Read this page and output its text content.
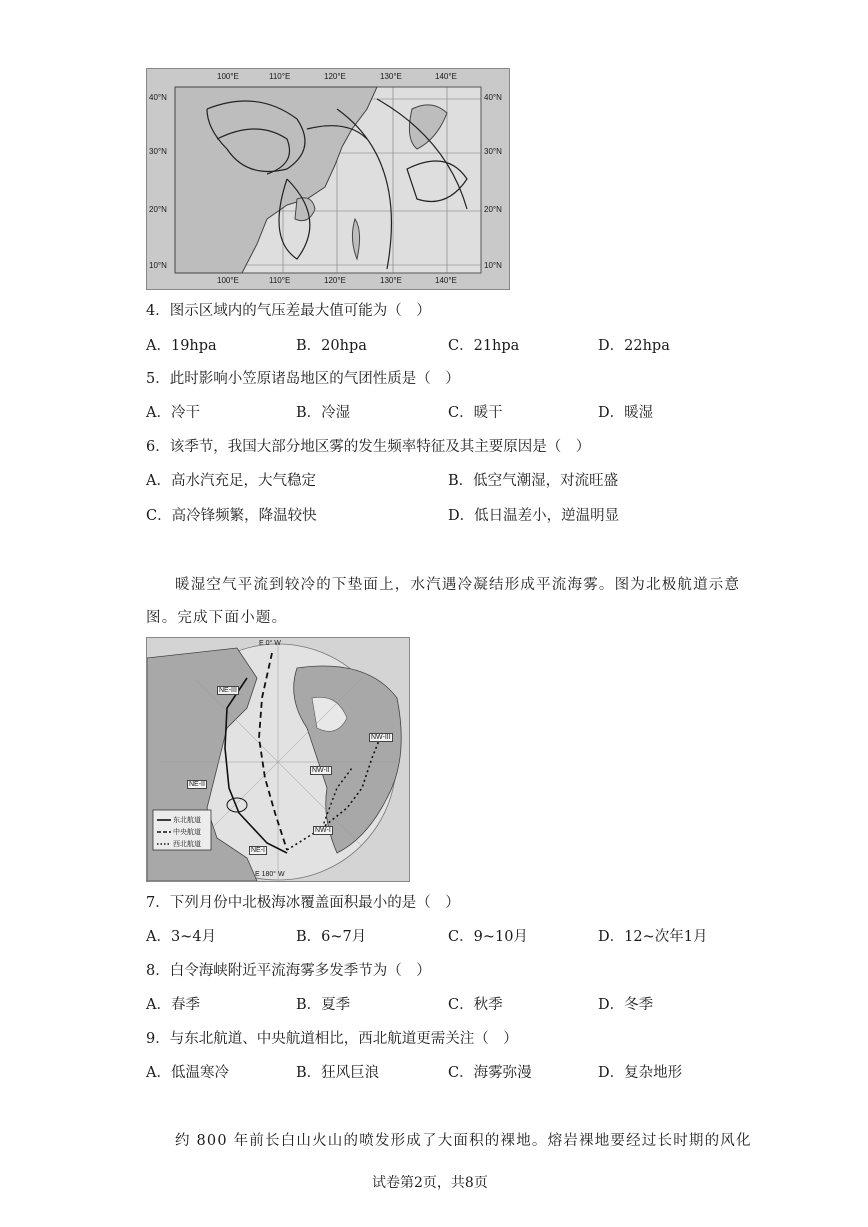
100°E	110°E	120°E	130°E	140°E
100°E	110°E	120°E	130°E	140°E
40°N
30°N
20°N
10°N
40°N
30°N
20°N
10°N
4．图示区域内的气压差最大值可能为（　）
A．19hpa	B．20hpa	C．21hpa	D．22hpa
5．此时影响小笠原诸岛地区的气团性质是（　）
A．冷干	B．冷湿	C．暖干	D．暖湿
6．该季节，我国大部分地区雾的发生频率特征及其主要原因是（　）
A．高水汽充足，大气稳定	B．低空气潮湿，对流旺盛
C．高冷锋频繁，降温较快	D．低日温差小，逆温明显
暖湿空气平流到较冷的下垫面上，水汽遇冷凝结形成平流海雾。图为北极航道示意
图。完成下面小题。
E 0° W
E 180° W
东北航道
中央航道
西北航道
NE-III
NE-II
NE-I
NW-I
NW-II
NW-III
7．下列月份中北极海冰覆盖面积最小的是（　）
A．3~4月	B．6~7月	C．9~10月	D．12~次年1月
8．白令海峡附近平流海雾多发季节为（　）
A．春季	B．夏季	C．秋季	D．冬季
9．与东北航道、中央航道相比，西北航道更需关注（　）
A．低温寒冷	B．狂风巨浪	C．海雾弥漫	D．复杂地形
约 800 年前长白山火山的喷发形成了大面积的裸地。熔岩裸地要经过长时期的风化
试卷第2页，共8页
